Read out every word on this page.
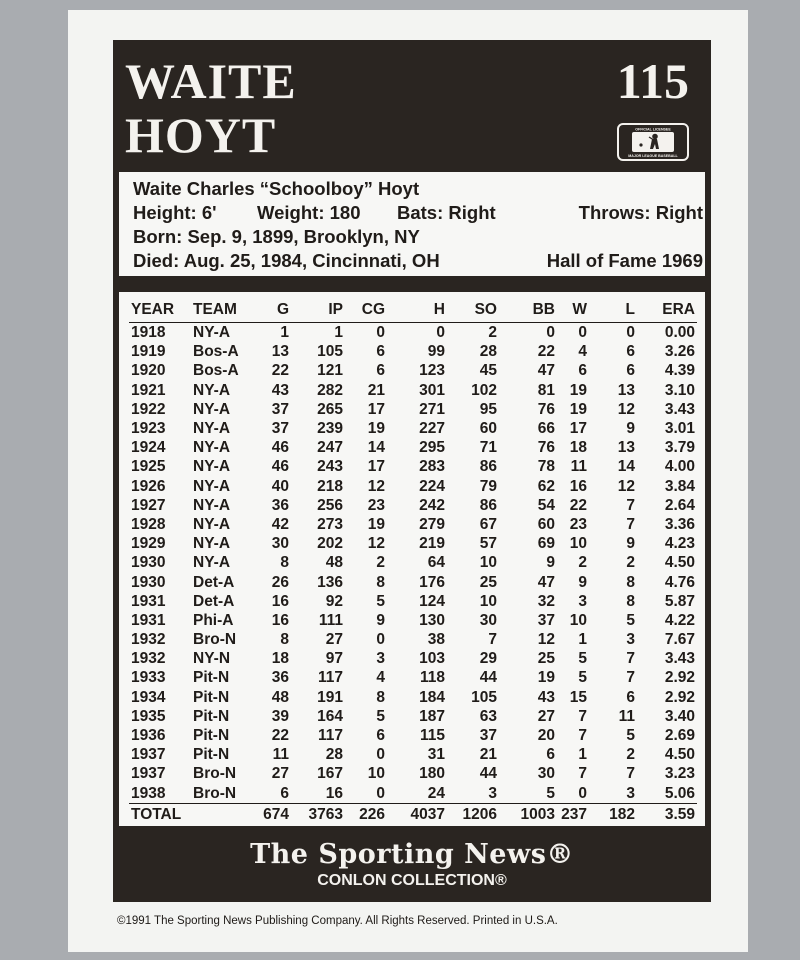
WAITE
HOYT
115
OFFICIAL LICENSEE
MAJOR LEAGUE BASEBALL
Waite Charles “Schoolboy” Hoyt
Height: 6' Weight: 180 Bats: Right	Throws: Right
Born: Sep. 9, 1899, Brooklyn, NY
Died: Aug. 25, 1984, Cincinnati, OH	Hall of Fame 1969
YEAR	TEAM	G	IP	CG	H	SO	BB	W	L	ERA
1918	NY-A	1	1	0	0	2	0	0	0	0.00
1919	Bos-A	13	105	6	99	28	22	4	6	3.26
1920	Bos-A	22	121	6	123	45	47	6	6	4.39
1921	NY-A	43	282	21	301	102	81	19	13	3.10
1922	NY-A	37	265	17	271	95	76	19	12	3.43
1923	NY-A	37	239	19	227	60	66	17	9	3.01
1924	NY-A	46	247	14	295	71	76	18	13	3.79
1925	NY-A	46	243	17	283	86	78	11	14	4.00
1926	NY-A	40	218	12	224	79	62	16	12	3.84
1927	NY-A	36	256	23	242	86	54	22	7	2.64
1928	NY-A	42	273	19	279	67	60	23	7	3.36
1929	NY-A	30	202	12	219	57	69	10	9	4.23
1930	NY-A	8	48	2	64	10	9	2	2	4.50
1930	Det-A	26	136	8	176	25	47	9	8	4.76
1931	Det-A	16	92	5	124	10	32	3	8	5.87
1931	Phi-A	16	111	9	130	30	37	10	5	4.22
1932	Bro-N	8	27	0	38	7	12	1	3	7.67
1932	NY-N	18	97	3	103	29	25	5	7	3.43
1933	Pit-N	36	117	4	118	44	19	5	7	2.92
1934	Pit-N	48	191	8	184	105	43	15	6	2.92
1935	Pit-N	39	164	5	187	63	27	7	11	3.40
1936	Pit-N	22	117	6	115	37	20	7	5	2.69
1937	Pit-N	11	28	0	31	21	6	1	2	4.50
1937	Bro-N	27	167	10	180	44	30	7	7	3.23
1938	Bro-N	6	16	0	24	3	5	0	3	5.06
TOTAL		674	3763	226	4037	1206	1003	237	182	3.59
The Sporting News®
CONLON COLLECTION®
©1991 The Sporting News Publishing Company. All Rights Reserved. Printed in U.S.A.
